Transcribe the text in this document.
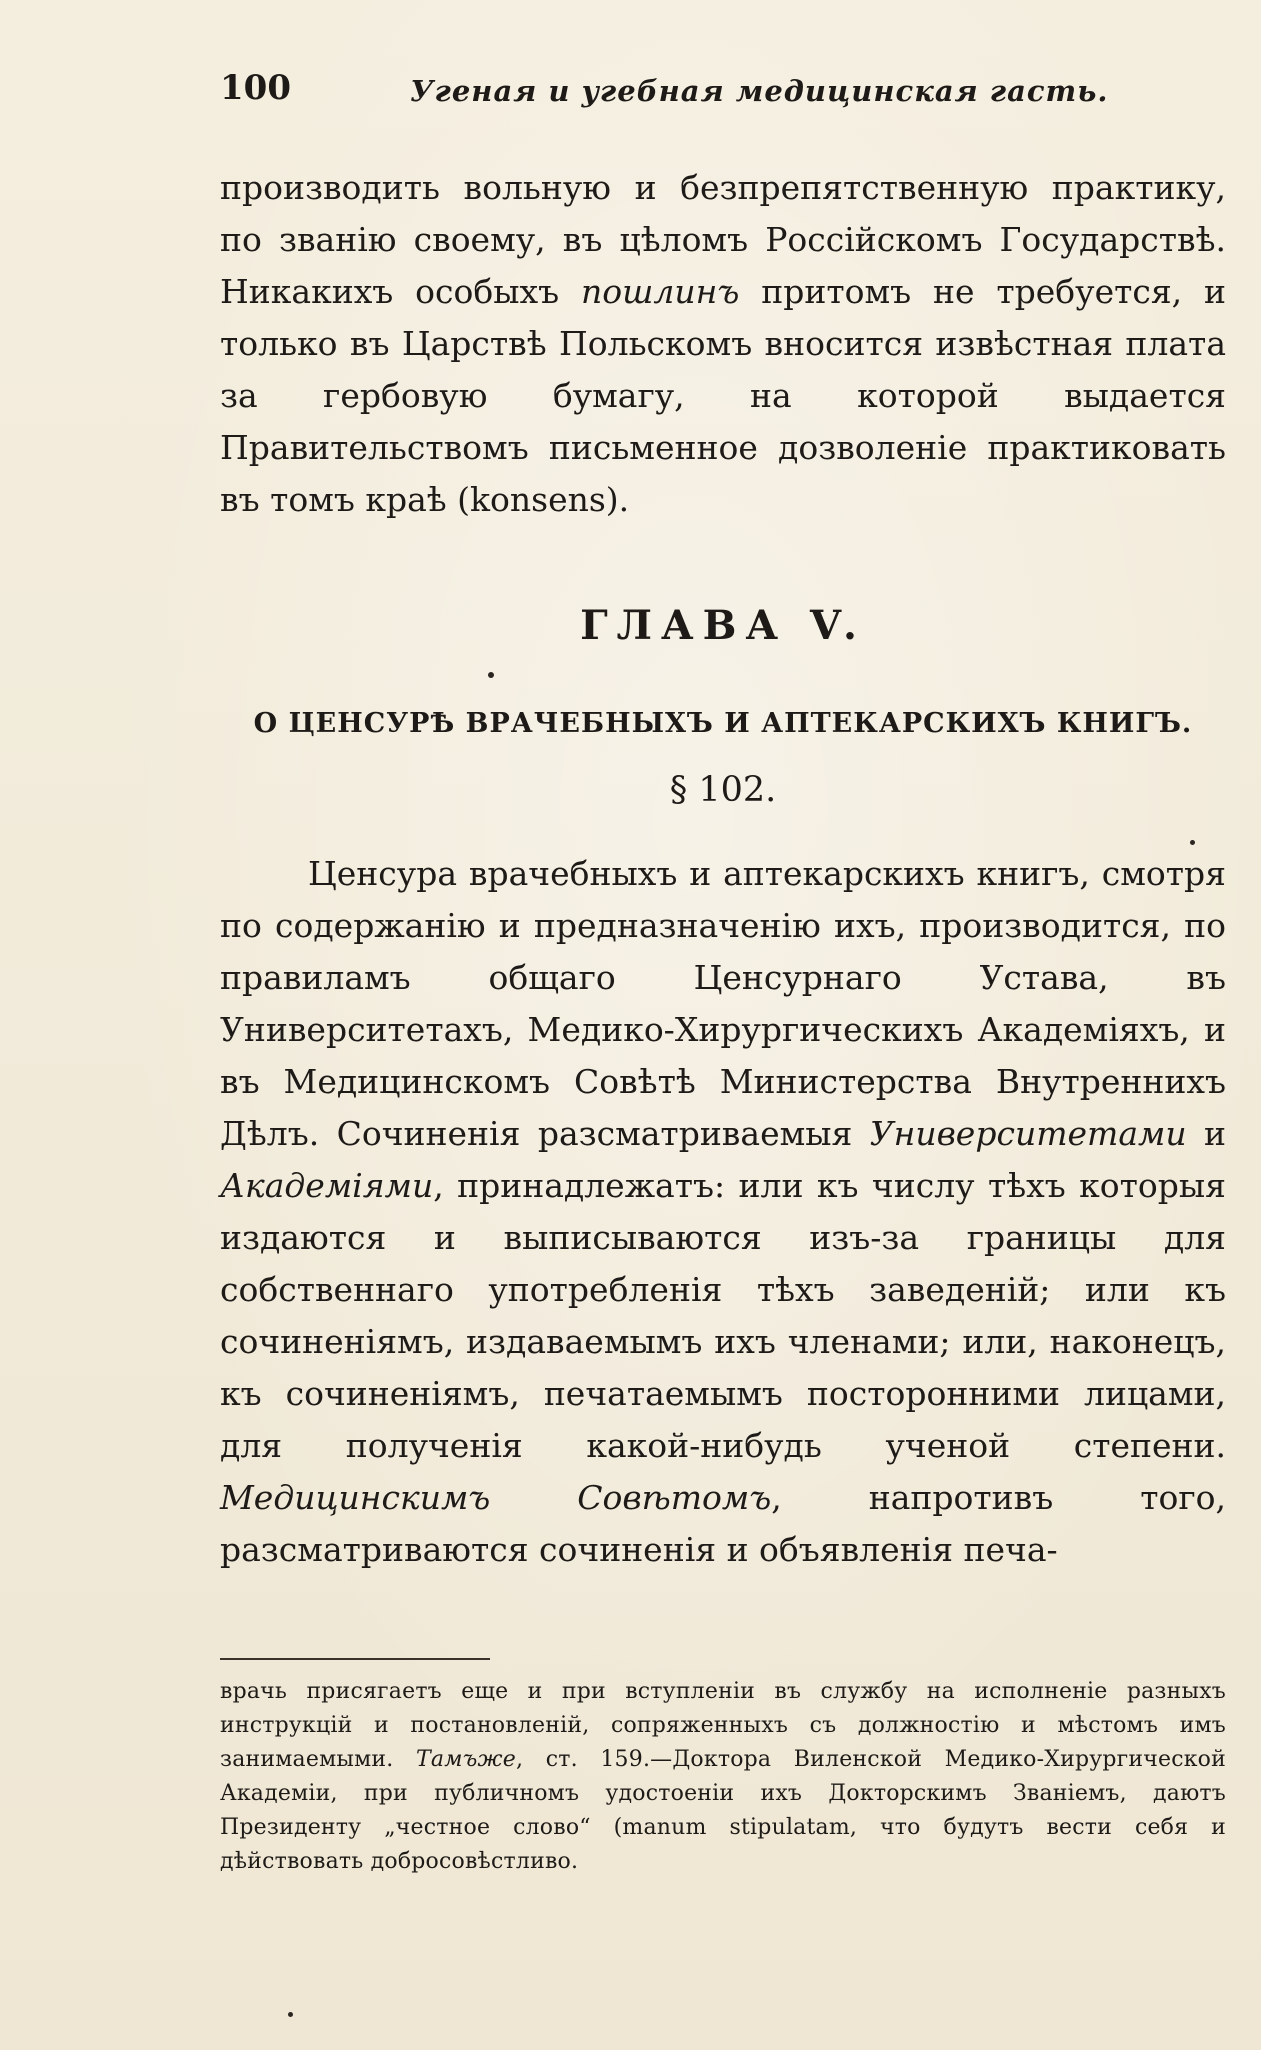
100	Угеная и угебная медицинская гасть.

производить вольную и безпрепятственную практику, по званію своему, въ цѣломъ Россійскомъ Государствѣ. Никакихъ особыхъ пошлинъ притомъ не требуется, и только въ Царствѣ Польскомъ вносится извѣстная плата за гербовую бумагу, на которой выдается Правительствомъ письменное дозволеніе практиковать въ томъ краѣ (konsens).

ГЛАВА V.
О ЦЕНСУРѢ ВРАЧЕБНЫХЪ И АПТЕКАРСКИХЪ КНИГЪ.
§ 102.

Ценсура врачебныхъ и аптекарскихъ книгъ, смотря по содержанію и предназначенію ихъ, производится, по правиламъ общаго Ценсурнаго Устава, въ Университетахъ, Медико-Хирургическихъ Академіяхъ, и въ Медицинскомъ Совѣтѣ Министерства Внутреннихъ Дѣлъ. Сочиненія разсматриваемыя Университетами и Академіями, принадлежатъ: или къ числу тѣхъ которыя издаются и выписываются изъ-за границы для собственнаго употребленія тѣхъ заведеній; или къ сочиненіямъ, издаваемымъ ихъ членами; или, наконецъ, къ сочиненіямъ, печатаемымъ посторонними лицами, для полученія какой-нибудь ученой степени. Медицинскимъ Совѣтомъ, напротивъ того, разсматриваются сочиненія и объявленія печа-

врачь присягаетъ еще и при вступленіи въ службу на исполненіе разныхъ инструкцій и постановленій, сопряженныхъ съ должностію и мѣстомъ имъ занимаемыми. Тамъже, ст. 159.—Доктора Виленской Медико-Хирургической Академіи, при публичномъ удостоеніи ихъ Докторскимъ Званіемъ, даютъ Президенту „честное слово“ (manum stipulatam, что будутъ вести себя и дѣйствовать добросовѣстливо.
